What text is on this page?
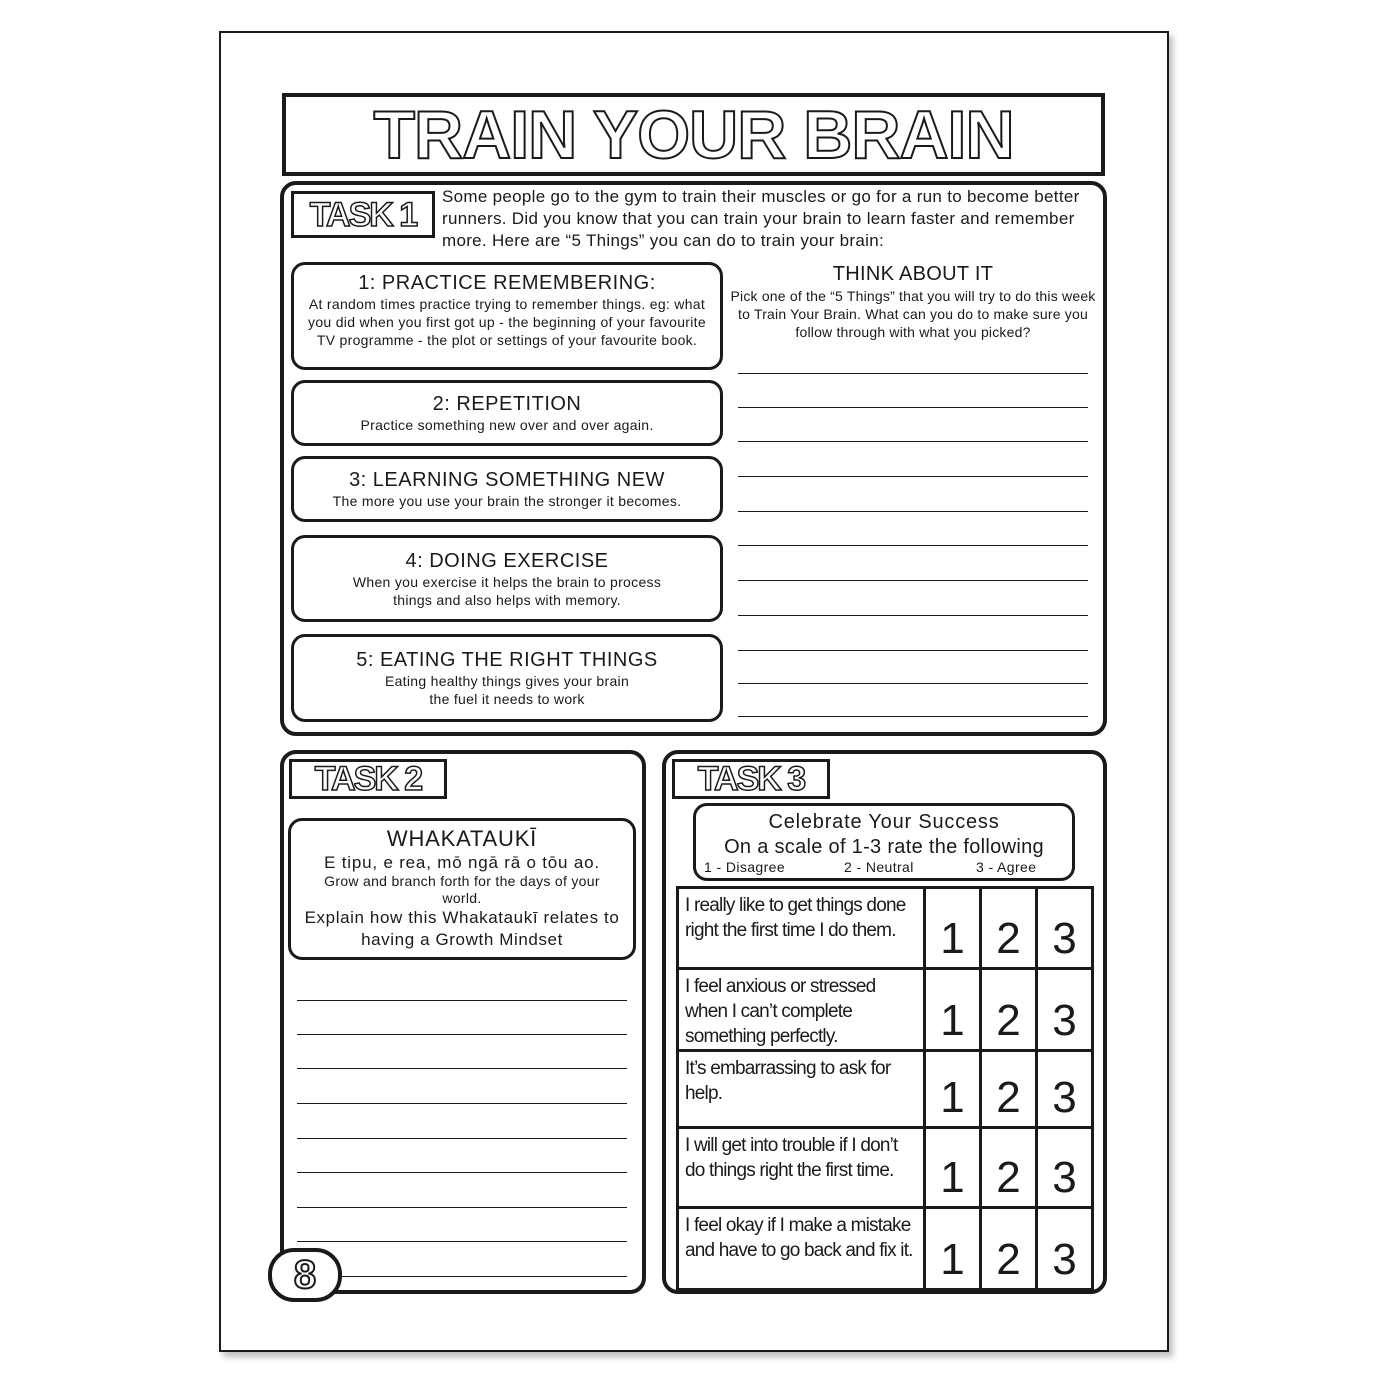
TRAIN YOUR BRAIN
TASK 1	Some people go to the gym to train their muscles or go for a run to become better runners. Did you know that you can train your brain to learn faster and remember more. Here are “5 Things” you can do to train your brain:
1: PRACTICE REMEMBERING:
At random times practice trying to remember things. eg: what you did when you first got up - the beginning of your favourite TV programme - the plot or settings of your favourite book.
2: REPETITION
Practice something new over and over again.
3: LEARNING SOMETHING NEW
The more you use your brain the stronger it becomes.
4: DOING EXERCISE
When you exercise it helps the brain to process things and also helps with memory.
5: EATING THE RIGHT THINGS
Eating healthy things gives your brain the fuel it needs to work
THINK ABOUT IT
Pick one of the “5 Things” that you will try to do this week to Train Your Brain. What can you do to make sure you follow through with what you picked?
TASK 2
WHAKATAUKĪ
E tipu, e rea, mō ngā rā o tōu ao.
Grow and branch forth for the days of your world.
Explain how this Whakataukī relates to having a Growth Mindset
TASK 3
Celebrate Your Success
On a scale of 1-3 rate the following
1 - Disagree	2 - Neutral	3 - Agree
I really like to get things done right the first time I do them.	1	2	3
I feel anxious or stressed when I can’t complete something perfectly.	1	2	3
It’s embarrassing to ask for help.	1	2	3
I will get into trouble if I don’t do things right the first time.	1	2	3
I feel okay if I make a mistake and have to go back and fix it.	1	2	3
8
